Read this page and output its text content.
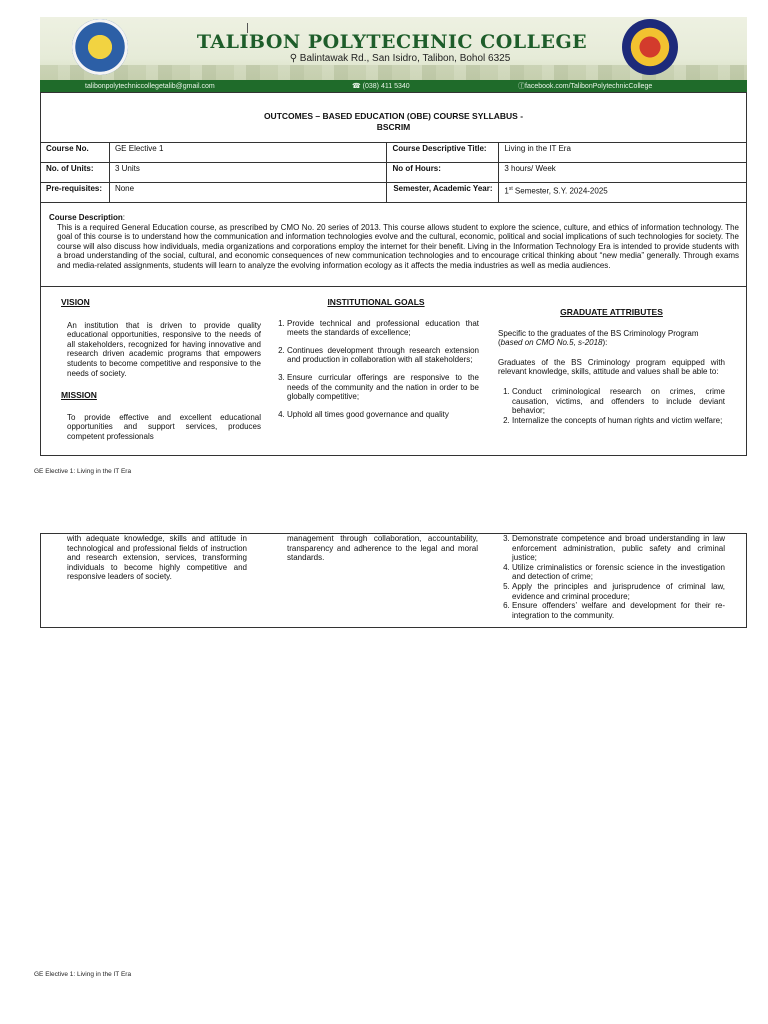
TALIBON POLYTECHNIC COLLEGE
⚲ Balintawak Rd., San Isidro, Talibon, Bohol 6325
talibonpolytechniccollegetalib@gmail.com	☎ (038) 411 5340	ⓕfacebook.com/TalibonPolytechnicCollege
OUTCOMES – BASED EDUCATION (OBE) COURSE SYLLABUS -
BSCRIM
Course No.	GE Elective 1	Course Descriptive Title:	Living in the IT Era
No. of Units:	3 Units	No of Hours:	3 hours/ Week
Pre-requisites:	None	Semester, Academic Year:	1st Semester, S.Y. 2024-2025
Course Description:

This is a required General Education course, as prescribed by CMO No. 20 series of 2013. This course allows student to explore the science, culture, and ethics of information technology. The goal of this course is to understand how the communication and information technologies evolve and the cultural, economic, political and social implications of such technologies for society. The course will also discuss how individuals, media organizations and corporations employ the internet for their benefit. Living in the Information Technology Era is intended to provide students with a broad understanding of the social, cultural, and economic consequences of new communication technologies and to encourage critical thinking about “new media” generally. Through exams and media-related assignments, students will learn to analyze the evolving information ecology as it affects the media industries as well as media audiences.

VISION

An institution that is driven to provide quality educational opportunities, responsive to the needs of all stakeholders, recognized for having innovative and research driven academic programs that empowers students to become competitive and responsive to the needs of society.

MISSION

To provide effective and excellent educational opportunities and support services, produces competent professionals

INSTITUTIONAL GOALS
1. Provide technical and professional education that meets the standards of excellence;
2. Continues development through research extension and production in collaboration with all stakeholders;
3. Ensure curricular offerings are responsive to the needs of the community and the nation in order to be globally competitive;
4. Uphold all times good governance and quality
GRADUATE ATTRIBUTES

Specific to the graduates of the BS Criminology Program (based on CMO No.5, s-2018):

Graduates of the BS Criminology program equipped with relevant knowledge, skills, attitude and values shall be able to:

1. Conduct criminological research on crimes, crime causation, victims, and offenders to include deviant behavior;
2. Internalize the concepts of human rights and victim welfare;
GE Elective 1: Living in the IT Era

with adequate knowledge, skills and attitude in technological and professional fields of instruction and research extension, services, transforming individuals to become highly competitive and responsive leaders of society.

management through collaboration, accountability, transparency and adherence to the legal and moral standards.

3. Demonstrate competence and broad understanding in law enforcement administration, public safety and criminal justice;
4. Utilize criminalistics or forensic science in the investigation and detection of crime;
5. Apply the principles and jurisprudence of criminal law, evidence and criminal procedure;
6. Ensure offenders’ welfare and development for their re-integration to the community.
GE Elective 1: Living in the IT Era
